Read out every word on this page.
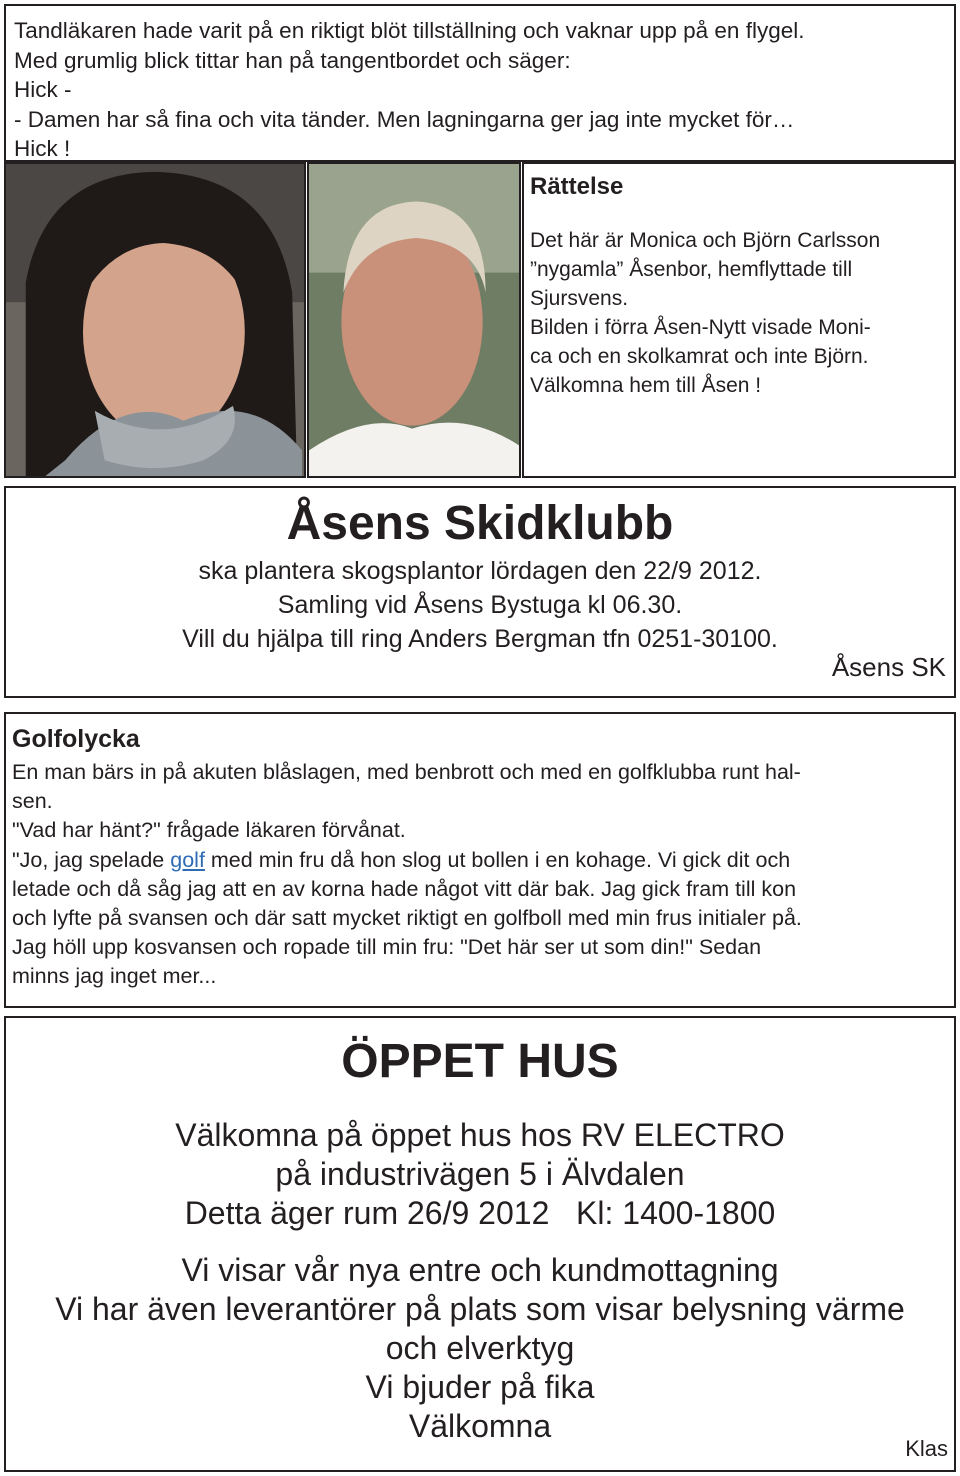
Tandläkaren hade varit på en riktigt blöt tillställning och vaknar upp på en flygel.
Med grumlig blick tittar han på tangentbordet och säger:
Hick -
- Damen har så fina och vita tänder. Men lagningarna ger jag inte mycket för…
Hick !
Rättelse
Det här är Monica och Björn Carlsson
”nygamla” Åsenbor, hemflyttade till
Sjursvens.
Bilden i förra Åsen-Nytt visade Moni-
ca och en skolkamrat och inte Björn.
Välkomna hem till Åsen !
Åsens Skidklubb
ska plantera skogsplantor lördagen den 22/9 2012.
Samling vid Åsens Bystuga kl 06.30.
Vill du hjälpa till ring Anders Bergman tfn 0251-30100.
Åsens SK
Golfolycka
En man bärs in på akuten blåslagen, med benbrott och med en golfklubba runt hal-
sen.
"Vad har hänt?" frågade läkaren förvånat.
"Jo, jag spelade golf med min fru då hon slog ut bollen i en kohage. Vi gick dit och
letade och då såg jag att en av korna hade något vitt där bak. Jag gick fram till kon
och lyfte på svansen och där satt mycket riktigt en golfboll med min frus initialer på.
Jag höll upp kosvansen och ropade till min fru: "Det här ser ut som din!" Sedan
minns jag inget mer...
ÖPPET HUS
Välkomna på öppet hus hos RV ELECTRO
på industrivägen 5 i Älvdalen
Detta äger rum 26/9 2012   Kl: 1400-1800
Vi visar vår nya entre och kundmottagning
Vi har även leverantörer på plats som visar belysning värme
och elverktyg
Vi bjuder på fika
Välkomna
Klas
